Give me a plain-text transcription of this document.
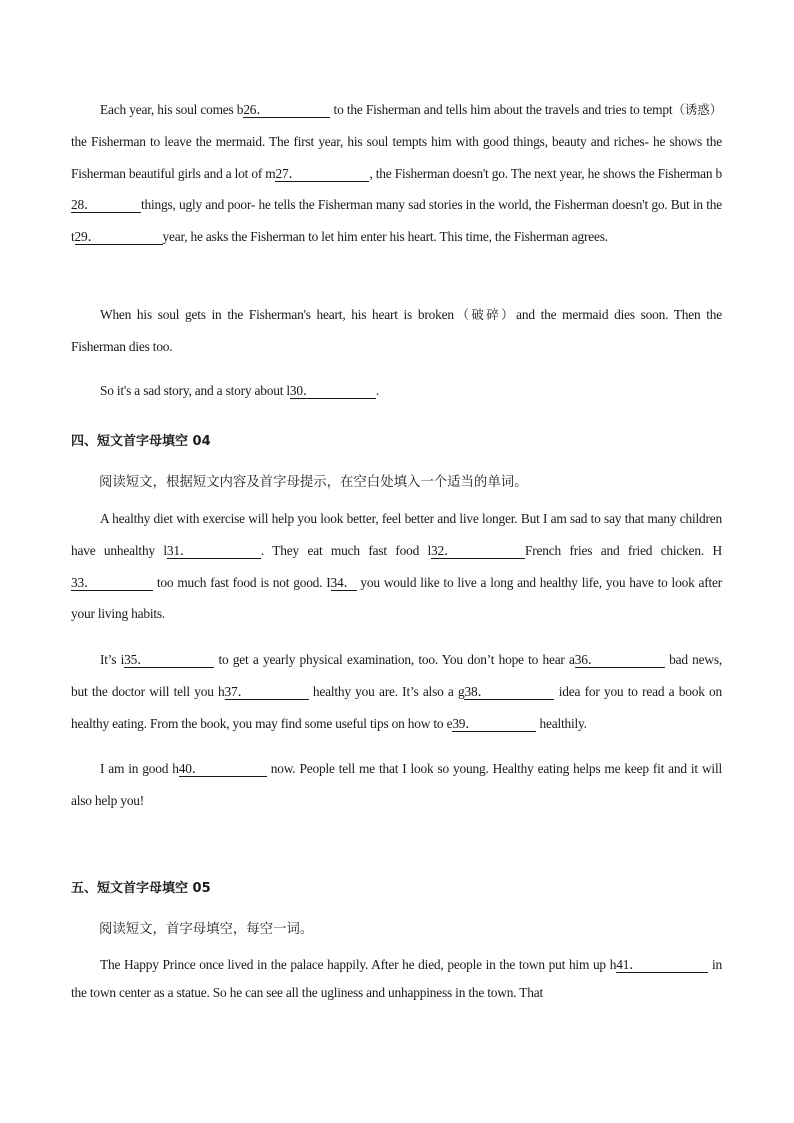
Each year, his soul comes b26．	to the Fisherman and tells him about the travels and tries to tempt（诱惑）the Fisherman to leave the mermaid. The first year, his soul tempts him with good things, beauty and riches- he shows the Fisherman beautiful girls and a lot of m27．	, the Fisherman doesn't go. The next year, he shows the Fisherman b28．	things, ugly and poor- he tells the Fisherman many sad stories in the world, the Fisherman doesn't go. But in the t29．	year, he asks the Fisherman to let him enter his heart. This time, the Fisherman agrees.

When his soul gets in the Fisherman's heart, his heart is broken（破碎）and the mermaid dies soon. Then the Fisherman dies too.

So it's a sad story, and a story about l30．	.

四、短文首字母填空 04

阅读短文，根据短文内容及首字母提示，在空白处填入一个适当的单词。

A healthy diet with exercise will help you look better, feel better and live longer. But I am sad to say that many children have unhealthy l31．	. They eat much fast food l32．	French fries and fried chicken. H33．	too much fast food is not good. I34． you would like to live a long and healthy life, you have to look after your living habits.

It’s i35．	to get a yearly physical examination, too. You don’t hope to hear a36．	bad news, but the doctor will tell you h37．	healthy you are. It’s also a g38．	idea for you to read a book on healthy eating. From the book, you may find some useful tips on how to e39．	healthily.

I am in good h40．	now. People tell me that I look so young. Healthy eating helps me keep fit and it will also help you!

五、短文首字母填空 05

阅读短文，首字母填空，每空一词。

The Happy Prince once lived in the palace happily. After he died, people in the town put him up h41．	in the town center as a statue. So he can see all the ugliness and unhappiness in the town. That
